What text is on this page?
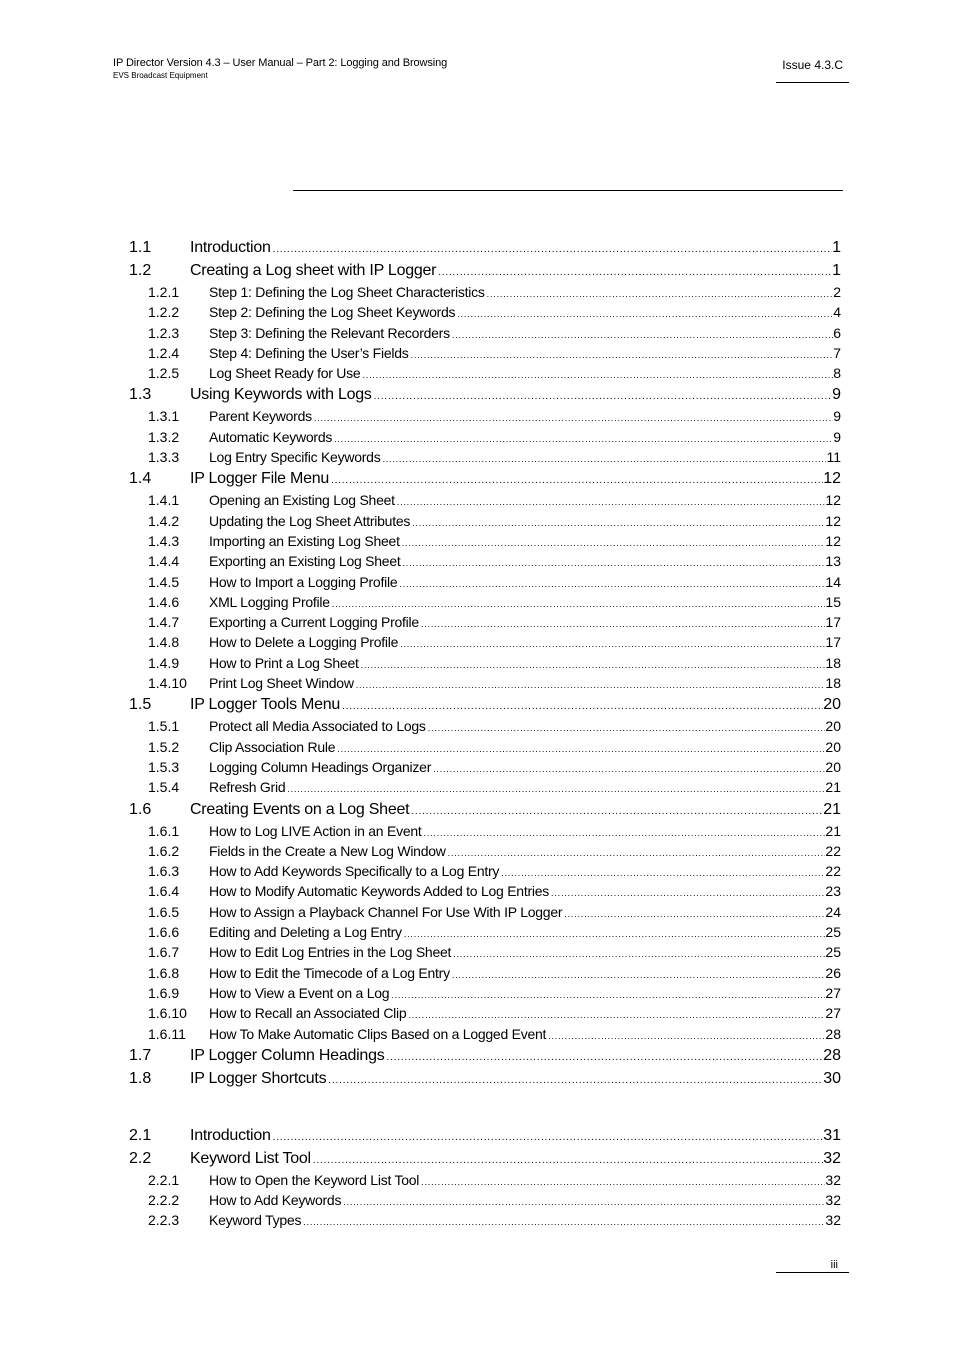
IP Director Version 4.3 – User Manual – Part 2: Logging and Browsing
EVS Broadcast Equipment
Issue 4.3.C
1.1	Introduction .....	1
1.2	Creating a Log sheet with IP Logger .....	1
1.2.1	Step 1: Defining the Log Sheet Characteristics .....	2
1.2.2	Step 2: Defining the Log Sheet Keywords .....	4
1.2.3	Step 3: Defining the Relevant Recorders .....	6
1.2.4	Step 4: Defining the User’s Fields .....	7
1.2.5	Log Sheet Ready for Use .....	8
1.3	Using Keywords with Logs .....	9
1.3.1	Parent Keywords .....	9
1.3.2	Automatic Keywords .....	9
1.3.3	Log Entry Specific Keywords .....	11
1.4	IP Logger File Menu .....	12
1.4.1	Opening an Existing Log Sheet .....	12
1.4.2	Updating the Log Sheet Attributes .....	12
1.4.3	Importing an Existing Log Sheet .....	12
1.4.4	Exporting an Existing Log Sheet .....	13
1.4.5	How to Import a Logging Profile .....	14
1.4.6	XML Logging Profile .....	15
1.4.7	Exporting a Current Logging Profile .....	17
1.4.8	How to Delete a Logging Profile .....	17
1.4.9	How to Print a Log Sheet .....	18
1.4.10	Print Log Sheet Window .....	18
1.5	IP Logger Tools Menu .....	20
1.5.1	Protect all Media Associated to Logs .....	20
1.5.2	Clip Association Rule .....	20
1.5.3	Logging Column Headings Organizer .....	20
1.5.4	Refresh Grid .....	21
1.6	Creating Events on a Log Sheet .....	21
1.6.1	How to Log LIVE Action in an Event .....	21
1.6.2	Fields in the Create a New Log Window .....	22
1.6.3	How to Add Keywords Specifically to a Log Entry .....	22
1.6.4	How to Modify Automatic Keywords Added to Log Entries .....	23
1.6.5	How to Assign a Playback Channel For Use With IP Logger .....	24
1.6.6	Editing and Deleting a Log Entry .....	25
1.6.7	How to Edit Log Entries in the Log Sheet .....	25
1.6.8	How to Edit the Timecode of a Log Entry .....	26
1.6.9	How to View a Event on a Log .....	27
1.6.10	How to Recall an Associated Clip .....	27
1.6.11	How To Make Automatic Clips Based on a Logged Event .....	28
1.7	IP Logger Column Headings .....	28
1.8	IP Logger Shortcuts .....	30
2.1	Introduction .....	31
2.2	Keyword List Tool .....	32
2.2.1	How to Open the Keyword List Tool .....	32
2.2.2	How to Add Keywords .....	32
2.2.3	Keyword Types .....	32
iii
